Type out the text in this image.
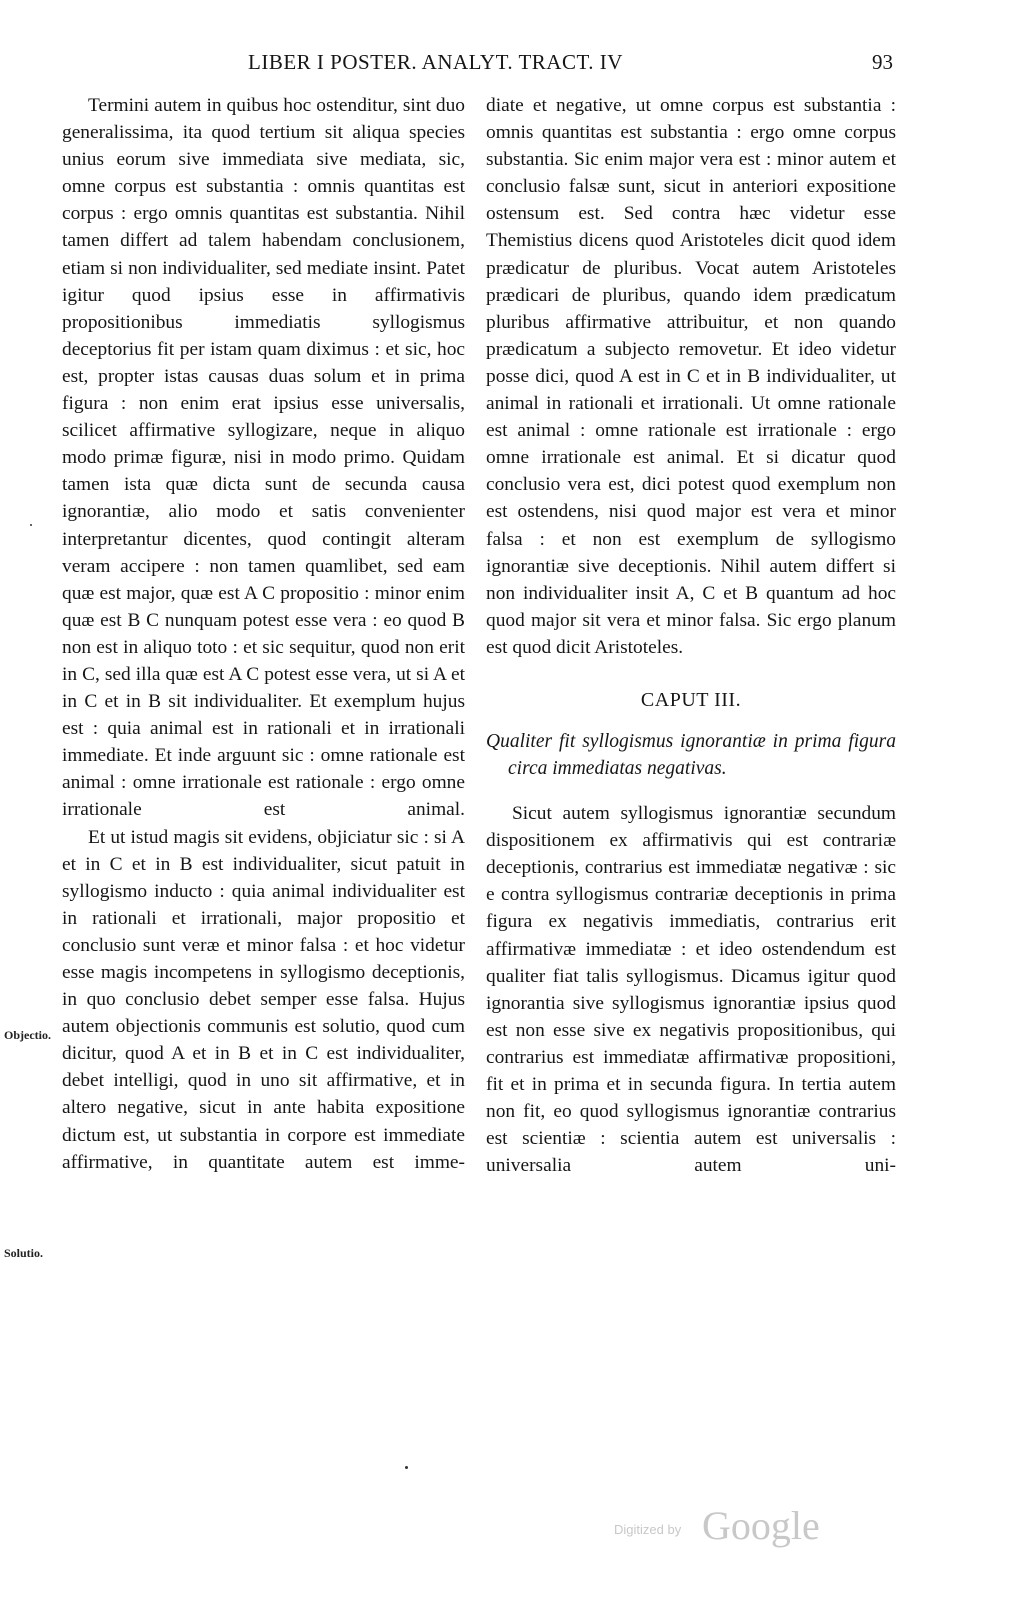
LIBER I POSTER. ANALYT. TRACT. IV	93

Termini autem in quibus hoc ostenditur, sint duo generalissima, ita quod tertium sit aliqua species unius eorum sive immediata sive mediata, sic, omne corpus est substantia : omnis quantitas est corpus : ergo omnis quantitas est substantia. Nihil tamen differt ad talem habendam conclusionem, etiam si non individualiter, sed mediate insint. Patet igitur quod ipsius esse in affirmativis propositionibus immediatis syllogismus deceptorius fit per istam quam diximus : et sic, hoc est, propter istas causas duas solum et in prima figura : non enim erat ipsius esse universalis, scilicet affirmative syllogizare, neque in aliquo modo primæ figuræ, nisi in modo primo. Quidam tamen ista quæ dicta sunt de secunda causa ignorantiæ, alio modo et satis convenienter interpretantur dicentes, quod contingit alteram veram accipere : non tamen quamlibet, sed eam quæ est major, quæ est A C propositio : minor enim quæ est B C nunquam potest esse vera : eo quod B non est in aliquo toto : et sic sequitur, quod non erit in C, sed illa quæ est A C potest esse vera, ut si A et in C et in B sit individualiter. Et exemplum hujus est : quia animal est in rationali et in irrationali immediate. Et inde arguunt sic : omne rationale est animal : omne irrationale est rationale : ergo omne irrationale est animal.

Et ut istud magis sit evidens, objiciatur sic : si A et in C et in B est individualiter, sicut patuit in syllogismo inducto : quia animal individualiter est in rationali et irrationali, major propositio et conclusio sunt veræ et minor falsa : et hoc videtur esse magis incompetens in syllogismo deceptionis, in quo conclusio debet semper esse falsa. Hujus autem objectionis communis est solutio, quod cum dicitur, quod A et in B et in C est individualiter, debet intelligi, quod in uno sit affirmative, et in altero negative, sicut in ante habita expositione dictum est, ut substantia in corpore est immediate affirmative, in quantitate autem est imme-

Objectio.
Solutio.

diate et negative, ut omne corpus est substantia : omnis quantitas est substantia : ergo omne corpus substantia. Sic enim major vera est : minor autem et conclusio falsæ sunt, sicut in anteriori expositione ostensum est. Sed contra hæc videtur esse Themistius dicens quod Aristoteles dicit quod idem prædicatur de pluribus. Vocat autem Aristoteles prædicari de pluribus, quando idem prædicatum pluribus affirmative attribuitur, et non quando prædicatum a subjecto removetur. Et ideo videtur posse dici, quod A est in C et in B individualiter, ut animal in rationali et irrationali. Ut omne rationale est animal : omne rationale est irrationale : ergo omne irrationale est animal. Et si dicatur quod conclusio vera est, dici potest quod exemplum non est ostendens, nisi quod major est vera et minor falsa : et non est exemplum de syllogismo ignorantiæ sive deceptionis. Nihil autem differt si non individualiter insit A, C et B quantum ad hoc quod major sit vera et minor falsa. Sic ergo planum est quod dicit Aristoteles.

CAPUT III.
Qualiter fit syllogismus ignorantiæ in prima figura circa immediatas negativas.

Sicut autem syllogismus ignorantiæ secundum dispositionem ex affirmativis qui est contrariæ deceptionis, contrarius est immediatæ negativæ : sic e contra syllogismus contrariæ deceptionis in prima figura ex negativis immediatis, contrarius erit affirmativæ immediatæ : et ideo ostendendum est qualiter fiat talis syllogismus. Dicamus igitur quod ignorantia sive syllogismus ignorantiæ ipsius quod est non esse sive ex negativis propositionibus, qui contrarius est immediatæ affirmativæ propositioni, fit et in prima et in secunda figura. In tertia autem non fit, eo quod syllogismus ignorantiæ contrarius est scientiæ : scientia autem est universalis : universalia autem uni-

Digitized by Google
